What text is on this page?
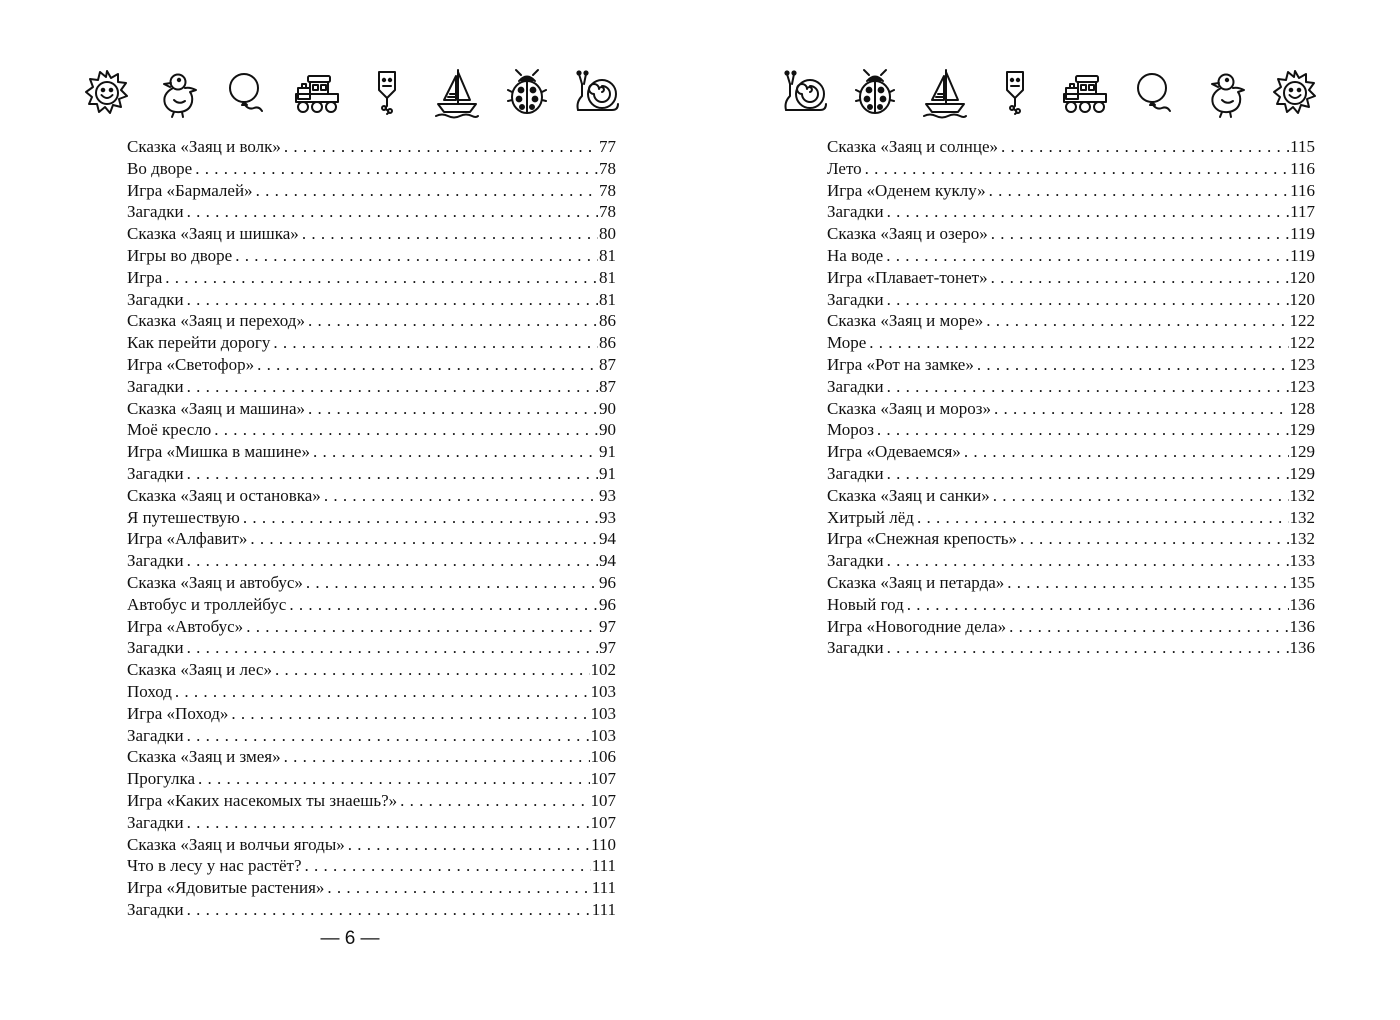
Сказка «Заяц и волк» . . .	77
Во дворе . . .	78
Игра «Бармалей» . . .	78
Загадки . . .	78
Сказка «Заяц и шишка» . . .	80
Игры во дворе . . .	81
Игра . . .	81
Загадки . . .	81
Сказка «Заяц и переход» . . .	86
Как перейти дорогу . . .	86
Игра «Светофор» . . .	87
Загадки . . .	87
Сказка «Заяц и машина» . . .	90
Моё кресло . . .	90
Игра «Мишка в машине» . . .	91
Загадки . . .	91
Сказка «Заяц и остановка» . . .	93
Я путешествую . . .	93
Игра «Алфавит» . . .	94
Загадки . . .	94
Сказка «Заяц и автобус» . . .	96
Автобус и троллейбус . . .	96
Игра «Автобус» . . .	97
Загадки . . .	97
Сказка «Заяц и лес» . . .	102
Поход . . .	103
Игра «Поход» . . .	103
Загадки . . .	103
Сказка «Заяц и змея» . . .	106
Прогулка . . .	107
Игра «Каких насекомых ты знаешь?» . . .	107
Загадки . . .	107
Сказка «Заяц и волчьи ягоды» . . .	110
Что в лесу у нас растёт? . . .	111
Игра «Ядовитые растения» . . .	111
Загадки . . .	111
— 6 —
Сказка «Заяц и солнце» . . .	115
Лето . . .	116
Игра «Оденем куклу» . . .	116
Загадки . . .	117
Сказка «Заяц и озеро» . . .	119
На воде . . .	119
Игра «Плавает-тонет» . . .	120
Загадки . . .	120
Сказка «Заяц и море» . . .	122
Море . . .	122
Игра «Рот на замке» . . .	123
Загадки . . .	123
Сказка «Заяц и мороз» . . .	128
Мороз . . .	129
Игра «Одеваемся» . . .	129
Загадки . . .	129
Сказка «Заяц и санки» . . .	132
Хитрый лёд . . .	132
Игра «Снежная крепость» . . .	132
Загадки . . .	133
Сказка «Заяц и петарда» . . .	135
Новый год . . .	136
Игра «Новогодние дела» . . .	136
Загадки . . .	136
